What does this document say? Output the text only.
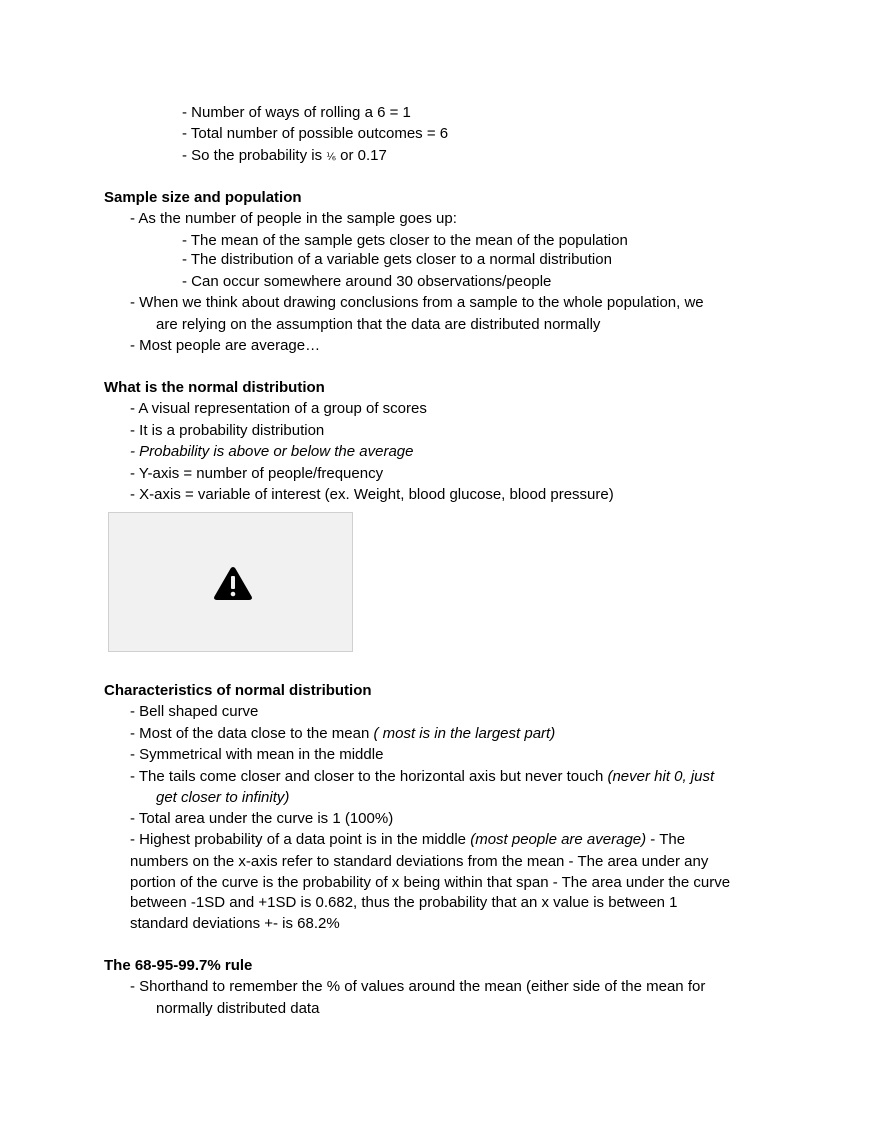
- Number of ways of rolling a 6 = 1
- Total number of possible outcomes = 6
- So the probability is ⅙ or 0.17
Sample size and population
- As the number of people in the sample goes up:
- The mean of the sample gets closer to the mean of the population
- The distribution of a variable gets closer to a normal distribution
- Can occur somewhere around 30 observations/people
- When we think about drawing conclusions from a sample to the whole population, we
are relying on the assumption that the data are distributed normally
- Most people are average…
What is the normal distribution
- A visual representation of a group of scores
- It is a probability distribution
- Probability is above or below the average
- Y-axis = number of people/frequency
- X-axis = variable of interest (ex. Weight, blood glucose, blood pressure)
Characteristics of normal distribution
- Bell shaped curve
- Most of the data close to the mean ( most is in the largest part)
- Symmetrical with mean in the middle
- The tails come closer and closer to the horizontal axis but never touch (never hit 0, just
get closer to infinity)
- Total area under the curve is 1 (100%)
- Highest probability of a data point is in the middle (most people are average) - The
numbers on the x-axis refer to standard deviations from the mean - The area under any
portion of the curve is the probability of x being within that span - The area under the curve
between -1SD and +1SD is 0.682, thus the probability that an x value is between 1
standard deviations +- is 68.2%
The 68-95-99.7% rule
- Shorthand to remember the % of values around the mean (either side of the mean for
normally distributed data
